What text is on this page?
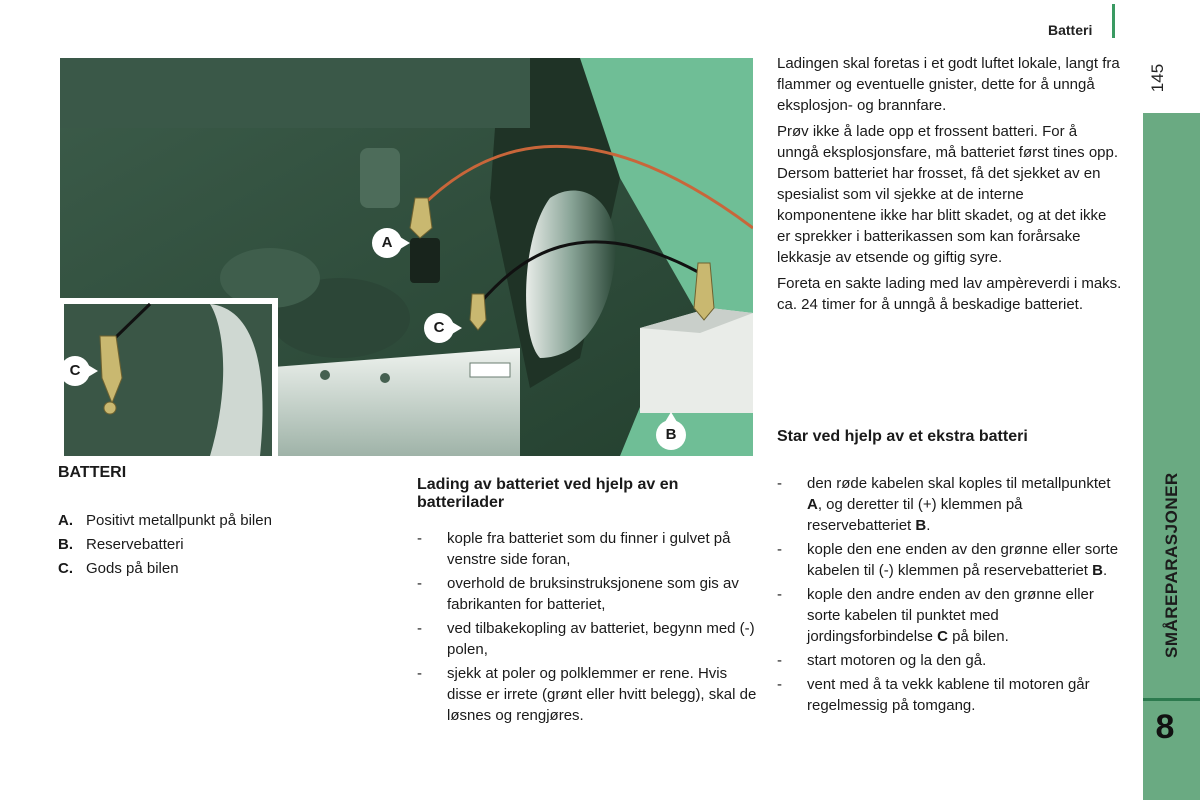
Batteri
145
SMÅREPARASJONER
8
A
C
C
B
BATTERI
A. Positivt metallpunkt på bilen
B. Reservebatteri
C. Gods på bilen
Lading av batteriet ved hjelp av en batterilader
- kople fra batteriet som du finner i gulvet på venstre side foran,
- overhold de bruksinstruksjonene som gis av fabrikanten for batteriet,
- ved tilbakekopling av batteriet, begynn med (-) polen,
- sjekk at poler og polklemmer er rene. Hvis disse er irrete (grønt eller hvitt belegg), skal de løsnes og rengjøres.

Ladingen skal foretas i et godt luftet lokale, langt fra flammer og eventuelle gnister, dette for å unngå eksplosjon- og brannfare.

Prøv ikke å lade opp et frossent batteri. For å unngå eksplosjonsfare, må batteriet først tines opp. Dersom batteriet har frosset, få det sjekket av en spesialist som vil sjekke at de interne komponentene ikke har blitt skadet, og at det ikke er sprekker i batterikassen som kan forårsake lekkasje av etsende og giftig syre.

Foreta en sakte lading med lav ampèreverdi i maks. ca. 24 timer for å unngå å beskadige batteriet.

Star ved hjelp av et ekstra batteri
- den røde kabelen skal koples til metallpunktet A, og deretter til (+) klemmen på reservebatteriet B.
- kople den ene enden av den grønne eller sorte kabelen til (-) klemmen på reservebatteriet B.
- kople den andre enden av den grønne eller sorte kabelen til punktet med jordingsforbindelse C på bilen.
- start motoren og la den gå.
- vent med å ta vekk kablene til motoren går regelmessig på tomgang.
